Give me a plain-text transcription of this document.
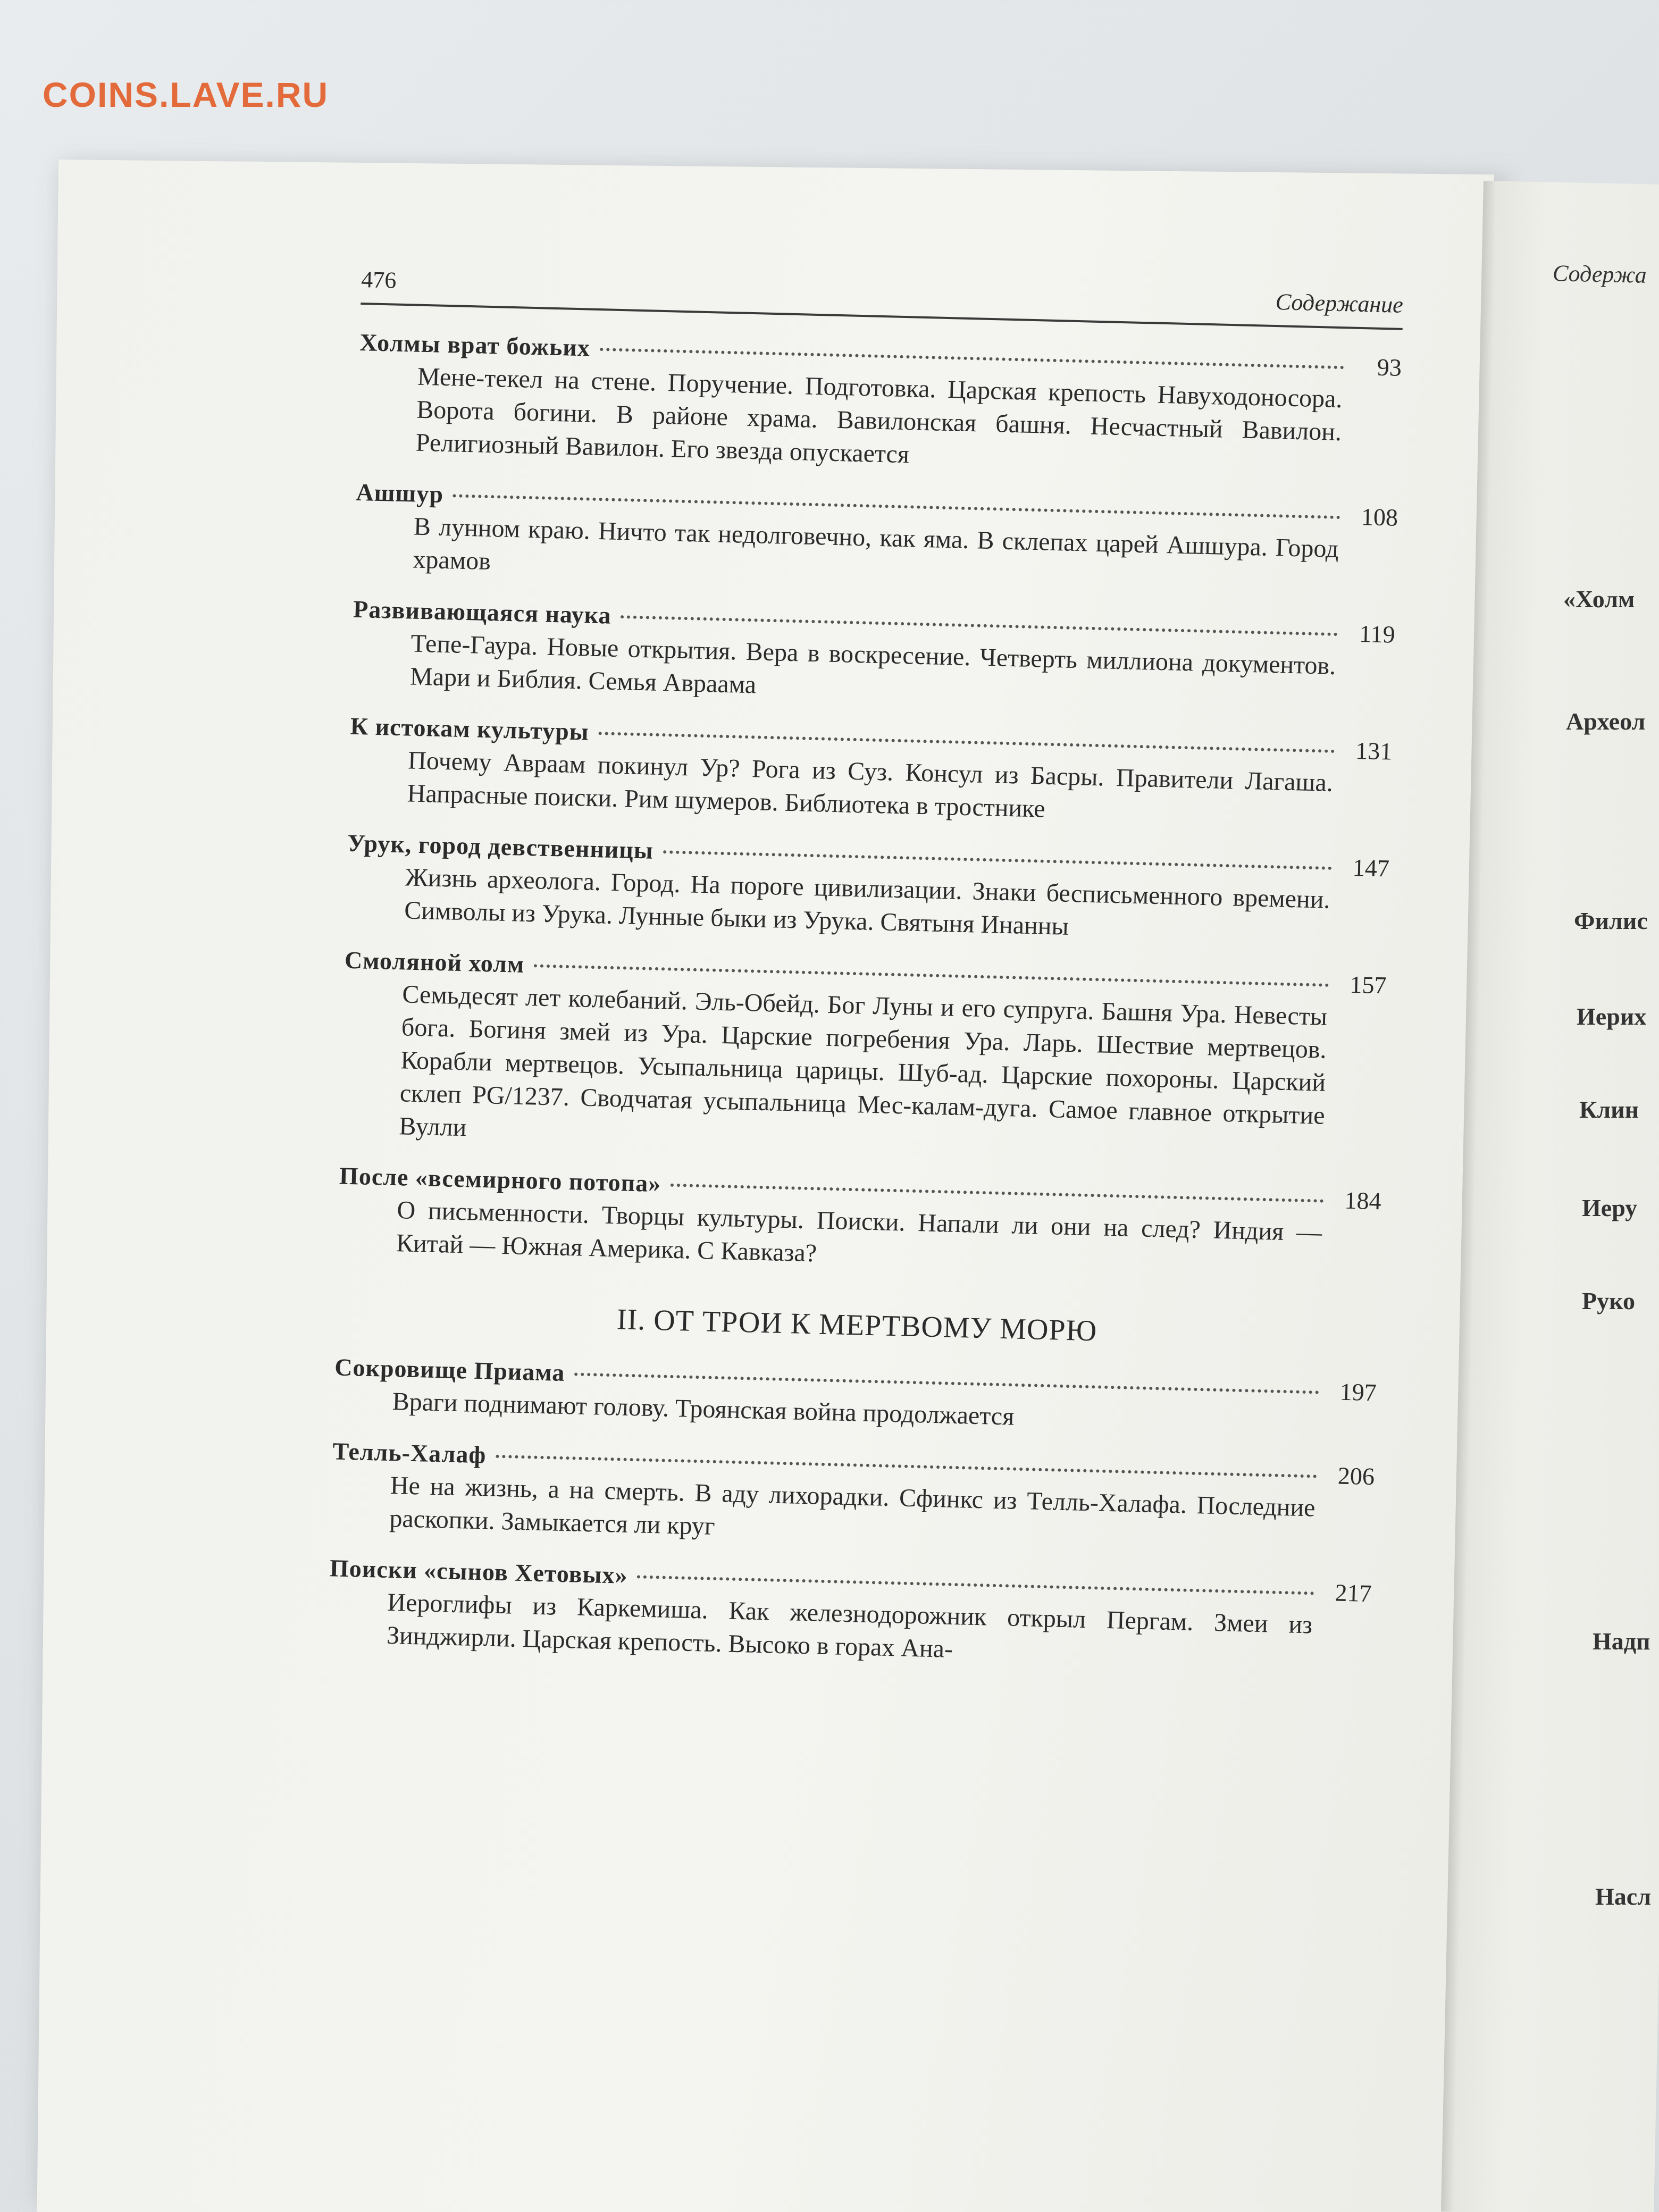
COINS.LAVE.RU
Содержа
«Холм
Археол
Филис
Иерих
Клин
Иеру
Руко
Надп
Насл
476
Содержание
Холмы врат божьих
93
Мене-текел на стене. Поручение. Подготовка. Царская крепость Навуходоносора. Ворота богини. В районе храма. Вавилонская башня. Несчастный Вавилон. Религиозный Вавилон. Его звезда опускается
Ашшур
108
В лунном краю. Ничто так недолговечно, как яма. В склепах царей Ашшура. Город храмов
Развивающаяся наука
119
Тепе-Гаура. Новые открытия. Вера в воскресение. Четверть миллиона документов. Мари и Библия. Семья Авраама
К истокам культуры
131
Почему Авраам покинул Ур? Рога из Суз. Консул из Басры. Правители Лагаша. Напрасные поиски. Рим шумеров. Библиотека в тростнике
Урук, город девственницы
147
Жизнь археолога. Город. На пороге цивилизации. Знаки бесписьменного времени. Символы из Урука. Лунные быки из Урука. Святыня Инанны
Смоляной холм
157
Семьдесят лет колебаний. Эль-Обейд. Бог Луны и его супруга. Башня Ура. Невесты бога. Богиня змей из Ура. Царские погребения Ура. Ларь. Шествие мертвецов. Корабли мертвецов. Усыпальница царицы. Шуб-ад. Царские похороны. Царский склеп PG/1237. Сводчатая усыпальница Мес-калам-дуга. Самое главное открытие Вулли
После «всемирного потопа»
184
О письменности. Творцы культуры. Поиски. Напали ли они на след? Индия — Китай — Южная Америка. С Кавказа?
II. ОТ ТРОИ К МЕРТВОМУ МОРЮ
Сокровище Приама
197
Враги поднимают голову. Троянская война продолжается
Телль-Халаф
206
Не на жизнь, а на смерть. В аду лихорадки. Сфинкс из Телль-Халафа. Последние раскопки. Замыкается ли круг
Поиски «сынов Хетовых»
217
Иероглифы из Каркемиша. Как железнодорожник открыл Пергам. Змеи из Зинджирли. Царская крепость. Высоко в горах Ана-
